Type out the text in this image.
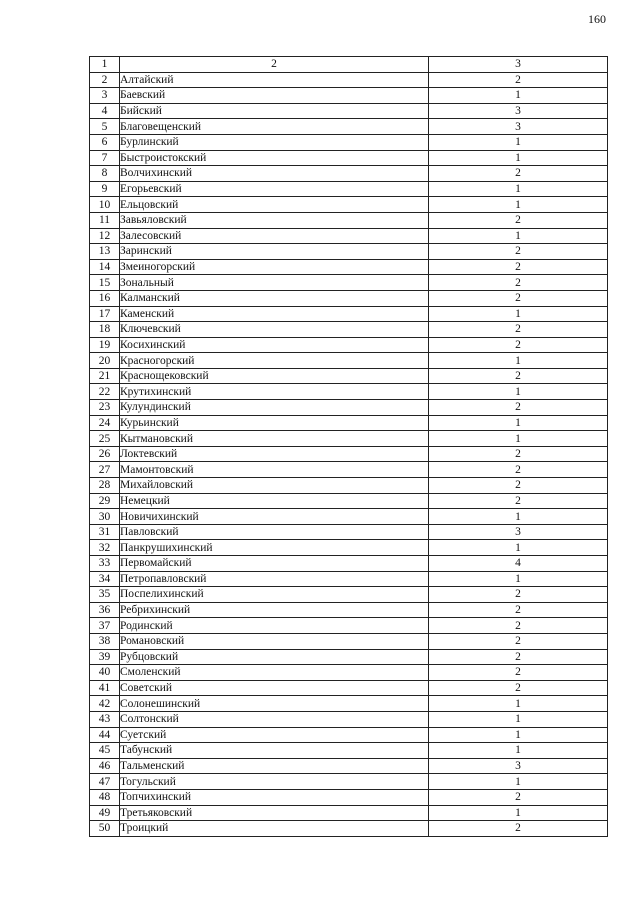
160
1	2	3
2	Алтайский	2
3	Баевский	1
4	Бийский	3
5	Благовещенский	3
6	Бурлинский	1
7	Быстроистокский	1
8	Волчихинский	2
9	Егорьевский	1
10	Ельцовский	1
11	Завьяловский	2
12	Залесовский	1
13	Заринский	2
14	Змеиногорский	2
15	Зональный	2
16	Калманский	2
17	Каменский	1
18	Ключевский	2
19	Косихинский	2
20	Красногорский	1
21	Краснощековский	2
22	Крутихинский	1
23	Кулундинский	2
24	Курьинский	1
25	Кытмановский	1
26	Локтевский	2
27	Мамонтовский	2
28	Михайловский	2
29	Немецкий	2
30	Новичихинский	1
31	Павловский	3
32	Панкрушихинский	1
33	Первомайский	4
34	Петропавловский	1
35	Поспелихинский	2
36	Ребрихинский	2
37	Родинский	2
38	Романовский	2
39	Рубцовский	2
40	Смоленский	2
41	Советский	2
42	Солонешинский	1
43	Солтонский	1
44	Суетский	1
45	Табунский	1
46	Тальменский	3
47	Тогульский	1
48	Топчихинский	2
49	Третьяковский	1
50	Троицкий	2
